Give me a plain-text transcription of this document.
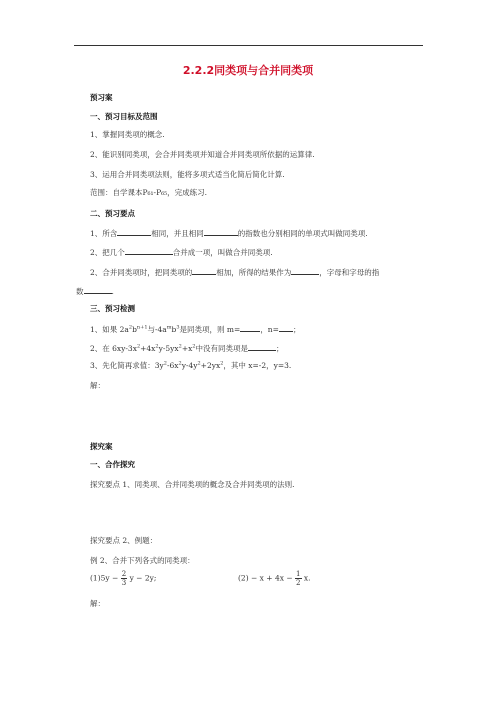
2.2.2同类项与合并同类项
预习案
一、预习目标及范围
1、掌握同类项的概念.
2、能识别同类项，会合并同类项并知道合并同类项所依据的运算律.
3、运用合并同类项法则，能将多项式适当化简后简化计算.
范围：自学课本P₆₁-P₆₅，完成练习.
二、预习要点
1、所含	相同，并且相同	的指数也分别相同的单项式叫做同类项.
2、把几个	合并成一项，叫做合并同类项.
2、合并同类项时，把同类项的	相加，所得的结果作为	，字母和字母的指
数	.
三、预习检测
1、如果 $2a^2b^{n+1}$与$-4a^mb^3$是同类项，则 m=	，n= ；
2、在 $6xy-3x^2+4x^2y-5yx^2+x^2$中没有同类项是	；
3、先化简再求值：$3y^2-6x^2y-4y^2+2yx^2$，其中 x=-2，y=3.
解：
探究案
一、合作探究
探究要点 1、同类项、合并同类项的概念及合并同类项的法则.
探究要点 2、例题：
例 2、合并下列各式的同类项：
$(1)5y - \frac{2}{3}$ y − 2y;	$(2) - x + 4x - \frac{1}{2} x$.
解：
